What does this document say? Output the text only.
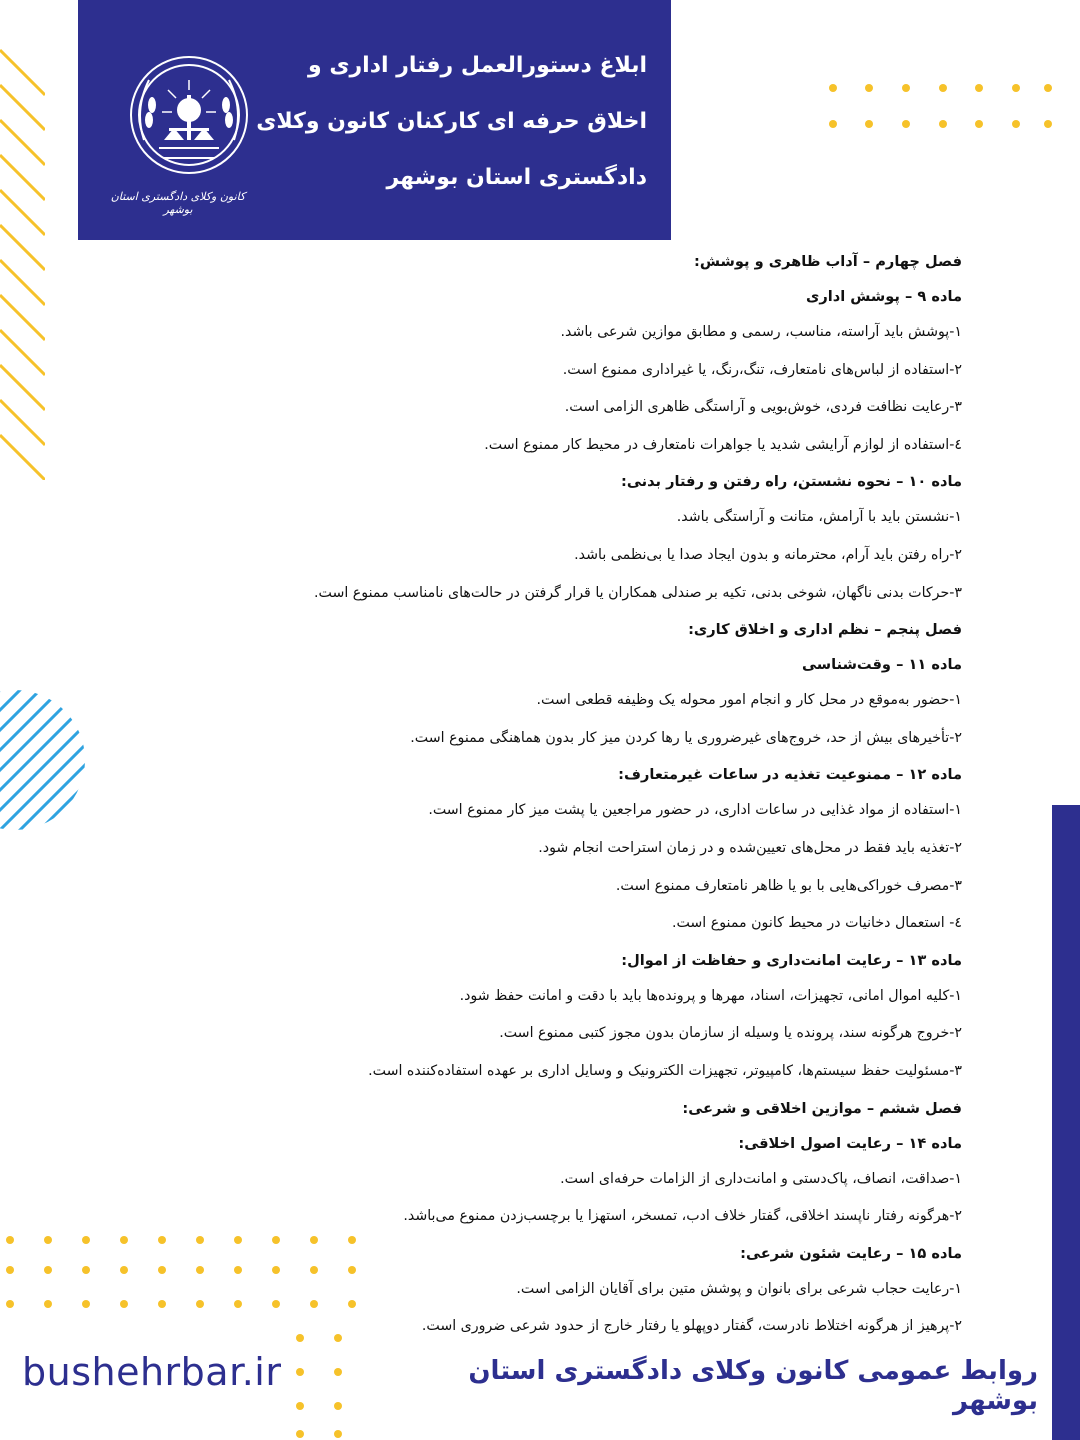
کانون وکلای دادگستری استان بوشهر
ابلاغ دستورالعمل رفتار اداری و
اخلاق حرفه ای کارکنان کانون وکلای
دادگستری استان بوشهر
فصل چهارم – آداب ظاهری و پوشش:
ماده ۹ – پوشش اداری
۱-پوشش باید آراسته، مناسب، رسمی و مطابق موازین شرعی باشد.
۲-استفاده از لباس‌های نامتعارف، تنگ،رنگ، یا غیراداری ممنوع است.
۳-رعایت نظافت فردی، خوش‌بویی و آراستگی ظاهری الزامی است.
٤-استفاده از لوازم آرایشی شدید یا جواهرات نامتعارف در محیط کار ممنوع است.
ماده ۱۰ – نحوه نشستن، راه رفتن و رفتار بدنی:
۱-نشستن باید با آرامش، متانت و آراستگی باشد.
۲-راه رفتن باید آرام، محترمانه و بدون ایجاد صدا یا بی‌نظمی باشد.
۳-حرکات بدنی ناگهان، شوخی بدنی، تکیه بر صندلی همکاران یا قرار گرفتن در حالت‌های نامناسب ممنوع است.
فصل پنجم – نظم اداری و اخلاق کاری:
ماده ۱۱ – وقت‌شناسی
۱-حضور به‌موقع در محل کار و انجام امور محوله یک وظیفه قطعی است.
۲-تأخیرهای بیش از حد، خروج‌های غیرضروری یا رها کردن میز کار بدون هماهنگی ممنوع است.
ماده ۱۲ – ممنوعیت تغذیه در ساعات غیرمتعارف:
۱-استفاده از مواد غذایی در ساعات اداری، در حضور مراجعین یا پشت میز کار ممنوع است.
۲-تغذیه باید فقط در محل‌های تعیین‌شده و در زمان استراحت انجام شود.
۳-مصرف خوراکی‌هایی با بو یا ظاهر نامتعارف ممنوع است.
٤- استعمال دخانیات در محیط کانون ممنوع است.
ماده ۱۳ – رعایت امانت‌داری و حفاظت از اموال:
۱-کلیه اموال امانی، تجهیزات، اسناد، مهرها و پرونده‌ها باید با دقت و امانت حفظ شود.
۲-خروج هرگونه سند، پرونده یا وسیله از سازمان بدون مجوز کتبی ممنوع است.
۳-مسئولیت حفظ سیستم‌ها، کامپیوتر، تجهیزات الکترونیک و وسایل اداری بر عهده استفاده‌کننده است.
فصل ششم – موازین اخلاقی و شرعی:
ماده ۱۴ – رعایت اصول اخلاقی:
۱-صداقت، انصاف، پاک‌دستی و امانت‌داری از الزامات حرفه‌ای است.
۲-هرگونه رفتار ناپسند اخلاقی، گفتار خلاف ادب، تمسخر، استهزا یا برچسب‌زدن ممنوع می‌باشد.
ماده ۱۵ – رعایت شئون شرعی:
۱-رعایت حجاب شرعی برای بانوان و پوشش متین برای آقایان الزامی است.
۲-پرهیز از هرگونه اختلاط نادرست، گفتار دوپهلو یا رفتار خارج از حدود شرعی ضروری است.
bushehrbar.ir	روابط عمومی کانون وکلای دادگستری استان بوشهر
